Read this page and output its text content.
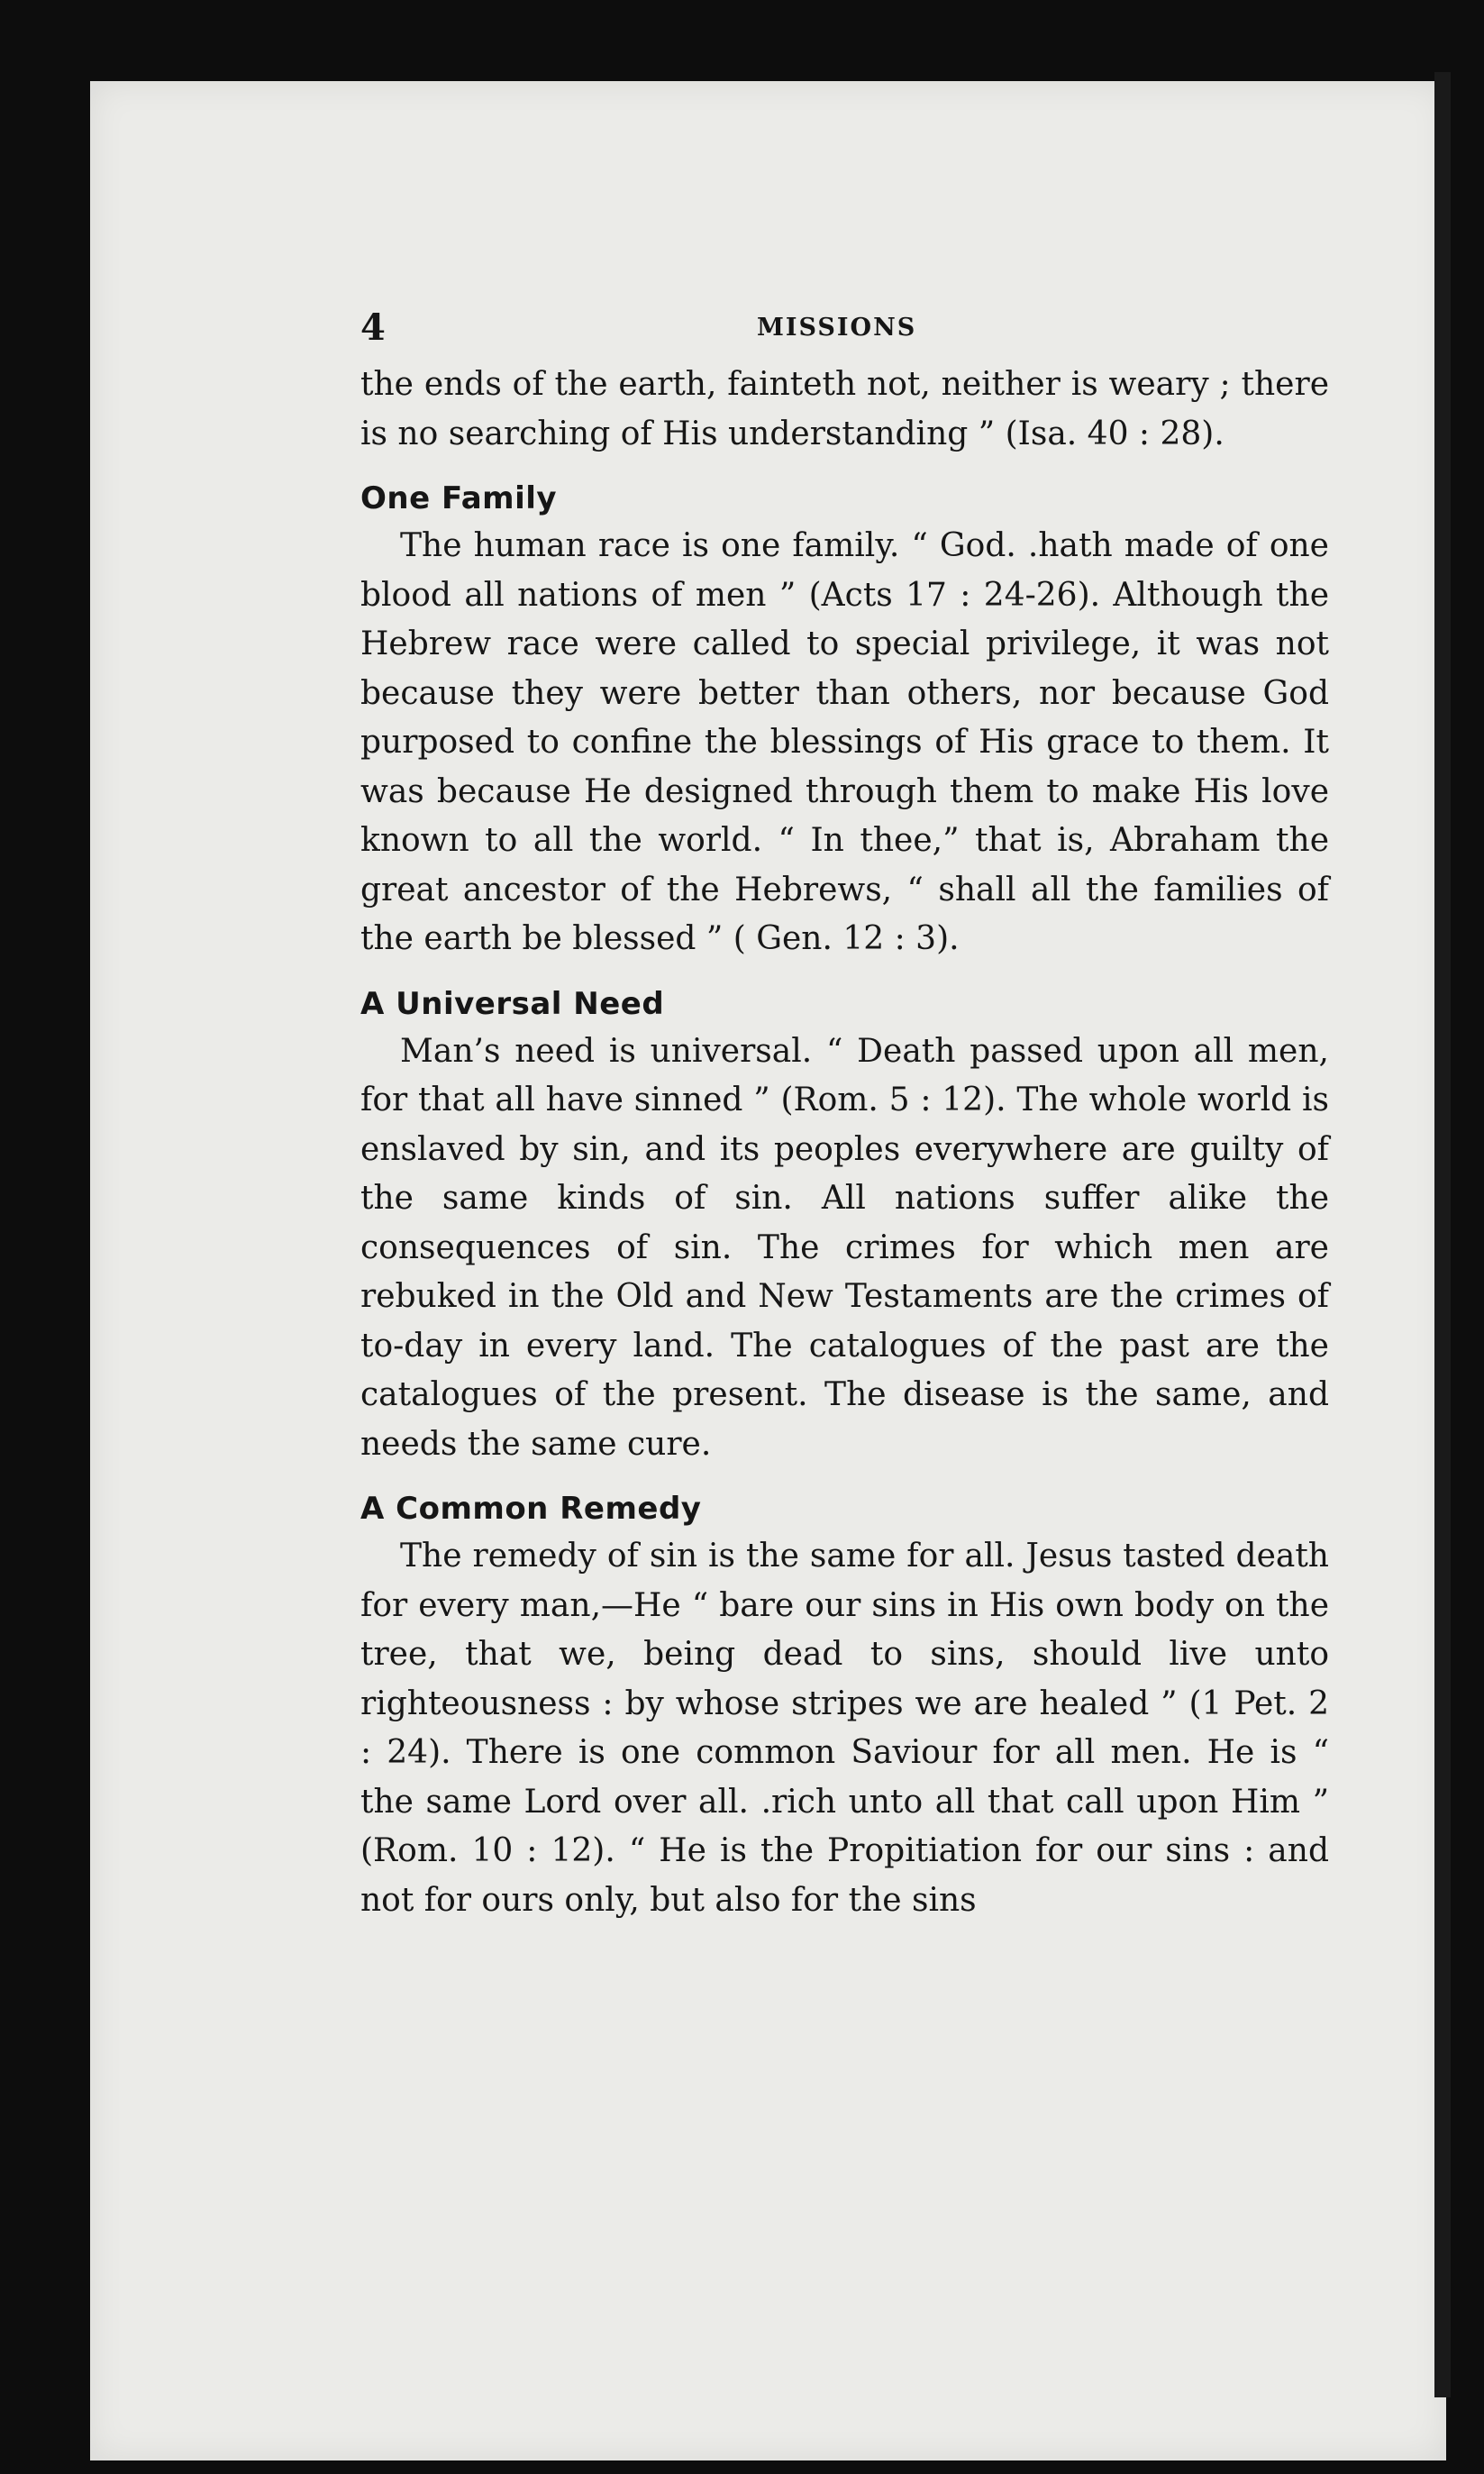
4	MISSIONS

the ends of the earth, fainteth not, neither is weary ; there is no searching of His understanding ” (Isa. 40 : 28).

One Family

The human race is one family. “ God. .hath made of one blood all nations of men ” (Acts 17 : 24-26). Although the Hebrew race were called to special privilege, it was not because they were better than others, nor because God purposed to confine the blessings of His grace to them. It was because He designed through them to make His love known to all the world. “ In thee,” that is, Abraham the great ancestor of the Hebrews, “ shall all the families of the earth be blessed ” ( Gen. 12 : 3).

A Universal Need

Man’s need is universal. “ Death passed upon all men, for that all have sinned ” (Rom. 5 : 12). The whole world is enslaved by sin, and its peoples everywhere are guilty of the same kinds of sin. All nations suffer alike the consequences of sin. The crimes for which men are rebuked in the Old and New Testaments are the crimes of to-day in every land. The catalogues of the past are the catalogues of the present. The disease is the same, and needs the same cure.

A Common Remedy

The remedy of sin is the same for all. Jesus tasted death for every man,—He “ bare our sins in His own body on the tree, that we, being dead to sins, should live unto righteousness : by whose stripes we are healed ” (1 Pet. 2 : 24). There is one common Saviour for all men. He is “ the same Lord over all. .rich unto all that call upon Him ” (Rom. 10 : 12). “ He is the Propitiation for our sins : and not for ours only, but also for the sins
